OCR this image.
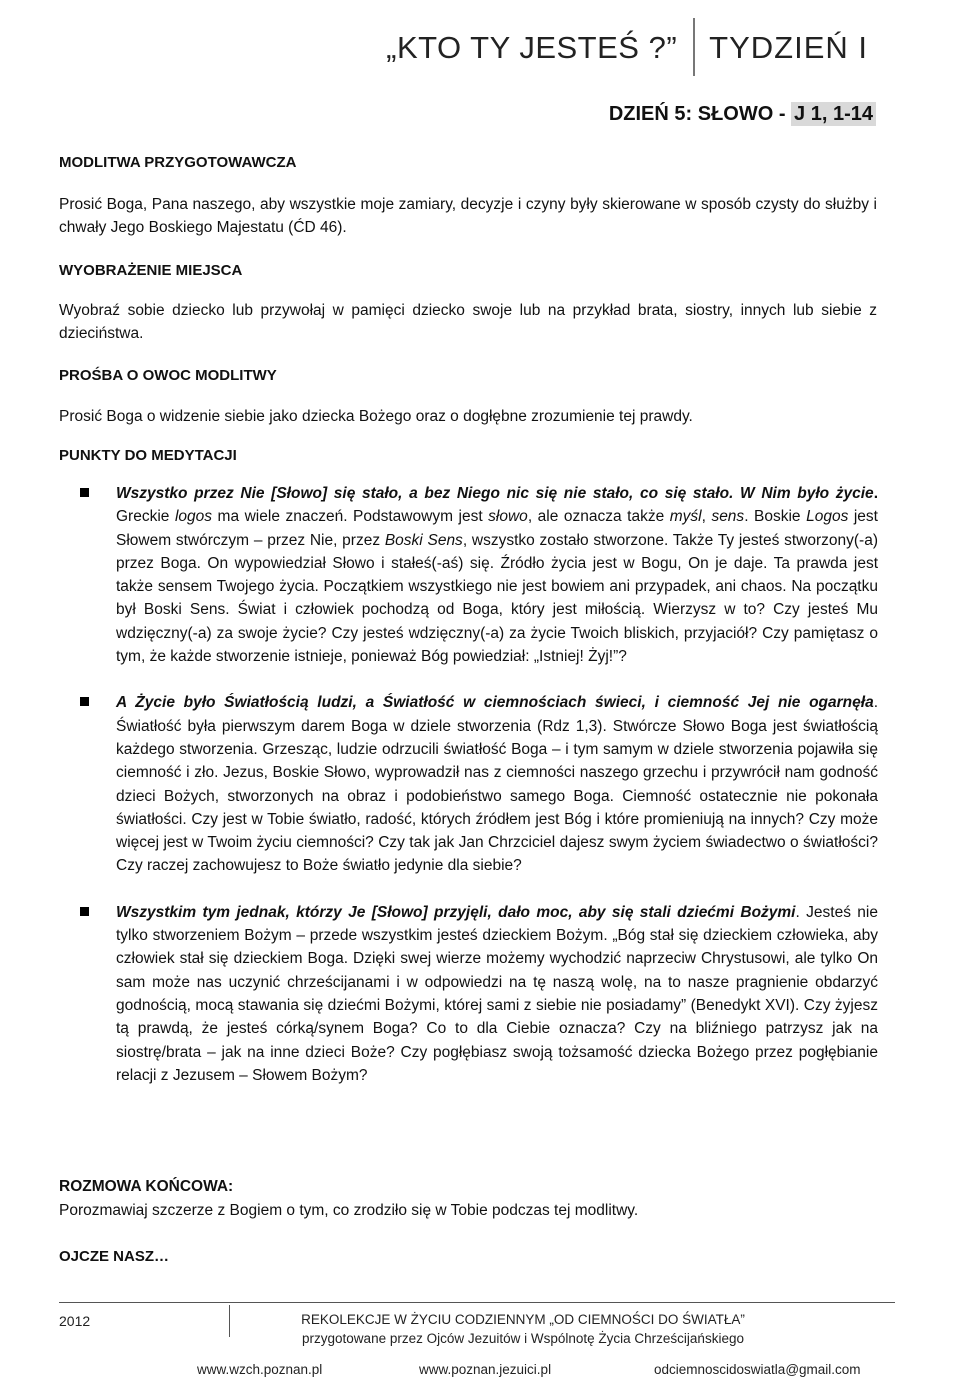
„KTO TY JESTEŚ ?”	TYDZIEŃ I
DZIEŃ 5: SŁOWO - J 1, 1-14
MODLITWA PRZYGOTOWAWCZA
Prosić Boga, Pana naszego, aby wszystkie moje zamiary, decyzje i czyny były skierowane w sposób czysty do służby i chwały Jego Boskiego Majestatu (ĆD 46).
WYOBRAŻENIE MIEJSCA
Wyobraź sobie dziecko lub przywołaj w pamięci dziecko swoje lub na przykład brata, siostry, innych lub siebie z dzieciństwa.
PROŚBA O OWOC MODLITWY
Prosić Boga o widzenie siebie jako dziecka Bożego oraz o dogłębne zrozumienie tej prawdy.
PUNKTY DO MEDYTACJI
Wszystko przez Nie [Słowo] się stało, a bez Niego nic się nie stało, co się stało. W Nim było życie. Greckie logos ma wiele znaczeń. Podstawowym jest słowo, ale oznacza także myśl, sens. Boskie Logos jest Słowem stwórczym – przez Nie, przez Boski Sens, wszystko zostało stworzone. Także Ty jesteś stworzony(-a) przez Boga. On wypowiedział Słowo i stałeś(-aś) się. Źródło życia jest w Bogu, On je daje. Ta prawda jest także sensem Twojego życia. Początkiem wszystkiego nie jest bowiem ani przypadek, ani chaos. Na początku był Boski Sens. Świat i człowiek pochodzą od Boga, który jest miłością. Wierzysz w to? Czy jesteś Mu wdzięczny(-a) za swoje życie? Czy jesteś wdzięczny(-a) za życie Twoich bliskich, przyjaciół? Czy pamiętasz o tym, że każde stworzenie istnieje, ponieważ Bóg powiedział: „Istniej! Żyj!”?
A Życie było Światłością ludzi, a Światłość w ciemnościach świeci, i ciemność Jej nie ogarnęła. Światłość była pierwszym darem Boga w dziele stworzenia (Rdz 1,3). Stwórcze Słowo Boga jest światłością każdego stworzenia. Grzesząc, ludzie odrzucili światłość Boga – i tym samym w dziele stworzenia pojawiła się ciemność i zło. Jezus, Boskie Słowo, wyprowadził nas z ciemności naszego grzechu i przywrócił nam godność dzieci Bożych, stworzonych na obraz i podobieństwo samego Boga. Ciemność ostatecznie nie pokonała światłości. Czy jest w Tobie światło, radość, których źródłem jest Bóg i które promieniują na innych? Czy może więcej jest w Twoim życiu ciemności? Czy tak jak Jan Chrzciciel dajesz swym życiem świadectwo o światłości? Czy raczej zachowujesz to Boże światło jedynie dla siebie?
Wszystkim tym jednak, którzy Je [Słowo] przyjęli, dało moc, aby się stali dziećmi Bożymi. Jesteś nie tylko stworzeniem Bożym – przede wszystkim jesteś dzieckiem Bożym. „Bóg stał się dzieckiem człowieka, aby człowiek stał się dzieckiem Boga. Dzięki swej wierze możemy wychodzić naprzeciw Chrystusowi, ale tylko On sam może nas uczynić chrześcijanami i w odpowiedzi na tę naszą wolę, na to nasze pragnienie obdarzyć godnością, mocą stawania się dziećmi Bożymi, której sami z siebie nie posiadamy” (Benedykt XVI). Czy żyjesz tą prawdą, że jesteś córką/synem Boga? Co to dla Ciebie oznacza? Czy na bliźniego patrzysz jak na siostrę/brata – jak na inne dzieci Boże? Czy pogłębiasz swoją tożsamość dziecka Bożego przez pogłębianie relacji z Jezusem – Słowem Bożym?
ROZMOWA KOŃCOWA:
Porozmawiaj szczerze z Bogiem o tym, co zrodziło się w Tobie podczas tej modlitwy.
OJCZE NASZ…
2012	REKOLEKCJE W ŻYCIU CODZIENNYM „OD CIEMNOŚCI DO ŚWIATŁA”
przygotowane przez Ojców Jezuitów i Wspólnotę Życia Chrześcijańskiego
www.wzch.poznan.pl	www.poznan.jezuici.pl	odciemnoscidoswiatla@gmail.com
